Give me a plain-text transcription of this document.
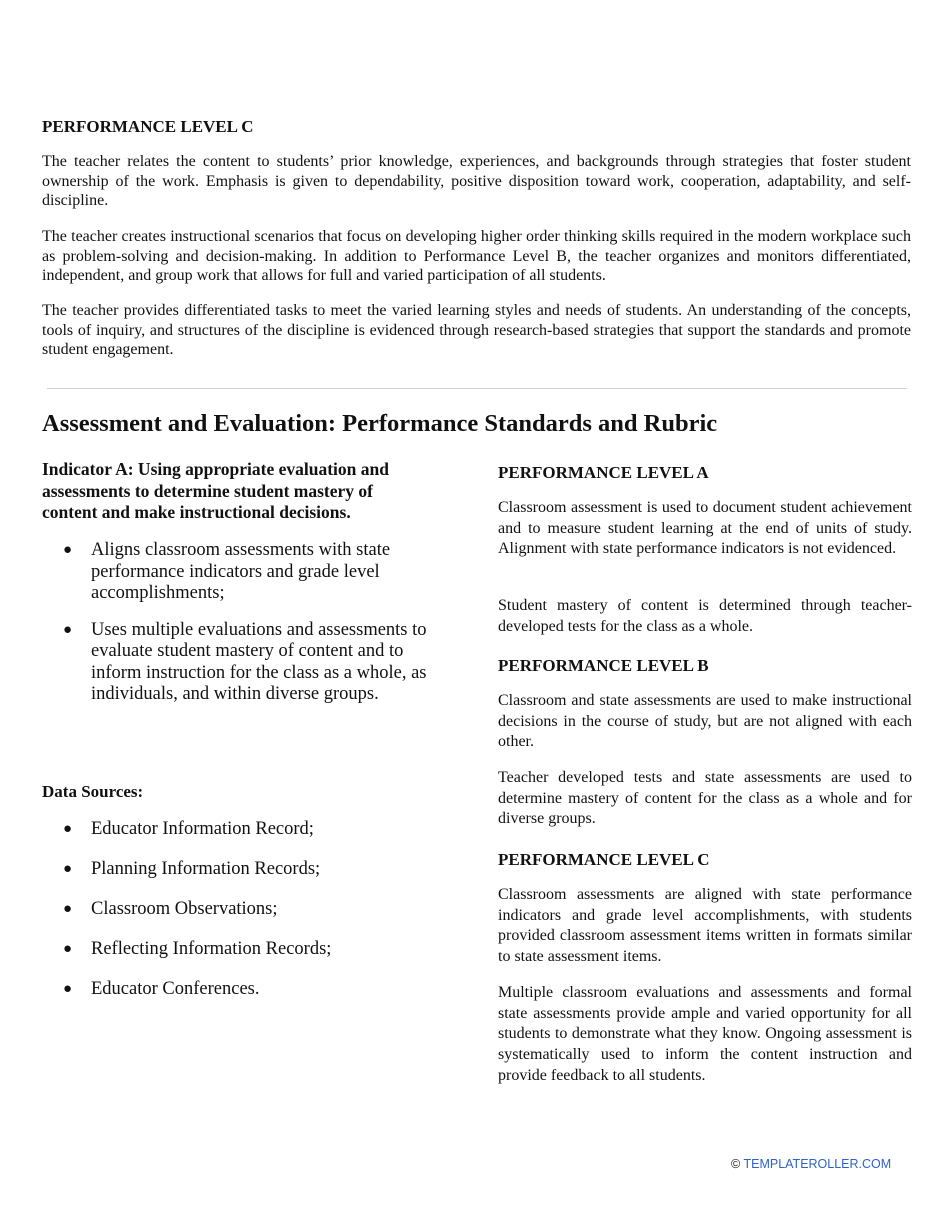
PERFORMANCE LEVEL C

The teacher relates the content to students’ prior knowledge, experiences, and backgrounds through strategies that foster student ownership of the work. Emphasis is given to dependability, positive disposition toward work, cooperation, adaptability, and self-discipline.

The teacher creates instructional scenarios that focus on developing higher order thinking skills required in the modern workplace such as problem-solving and decision-making. In addition to Performance Level B, the teacher organizes and monitors differentiated, independent, and group work that allows for full and varied participation of all students.

The teacher provides differentiated tasks to meet the varied learning styles and needs of students. An understanding of the concepts, tools of inquiry, and structures of the discipline is evidenced through research-based strategies that support the standards and promote student engagement.

Assessment and Evaluation: Performance Standards and Rubric
Indicator A: Using appropriate evaluation and assessments to determine student mastery of content and make instructional decisions.
● Aligns classroom assessments with state performance indicators and grade level accomplishments;
● Uses multiple evaluations and assessments to evaluate student mastery of content and to inform instruction for the class as a whole, as individuals, and within diverse groups.
Data Sources:
● Educator Information Record;
● Planning Information Records;
● Classroom Observations;
● Reflecting Information Records;
● Educator Conferences.
PERFORMANCE LEVEL A

Classroom assessment is used to document student achievement and to measure student learning at the end of units of study. Alignment with state performance indicators is not evidenced.

Student mastery of content is determined through teacher-developed tests for the class as a whole.

PERFORMANCE LEVEL B

Classroom and state assessments are used to make instructional decisions in the course of study, but are not aligned with each other.

Teacher developed tests and state assessments are used to determine mastery of content for the class as a whole and for diverse groups.

PERFORMANCE LEVEL C

Classroom assessments are aligned with state performance indicators and grade level accomplishments, with students provided classroom assessment items written in formats similar to state assessment items.

Multiple classroom evaluations and assessments and formal state assessments provide ample and varied opportunity for all students to demonstrate what they know. Ongoing assessment is systematically used to inform the content instruction and provide feedback to all students.

© TEMPLATEROLLER.COM
